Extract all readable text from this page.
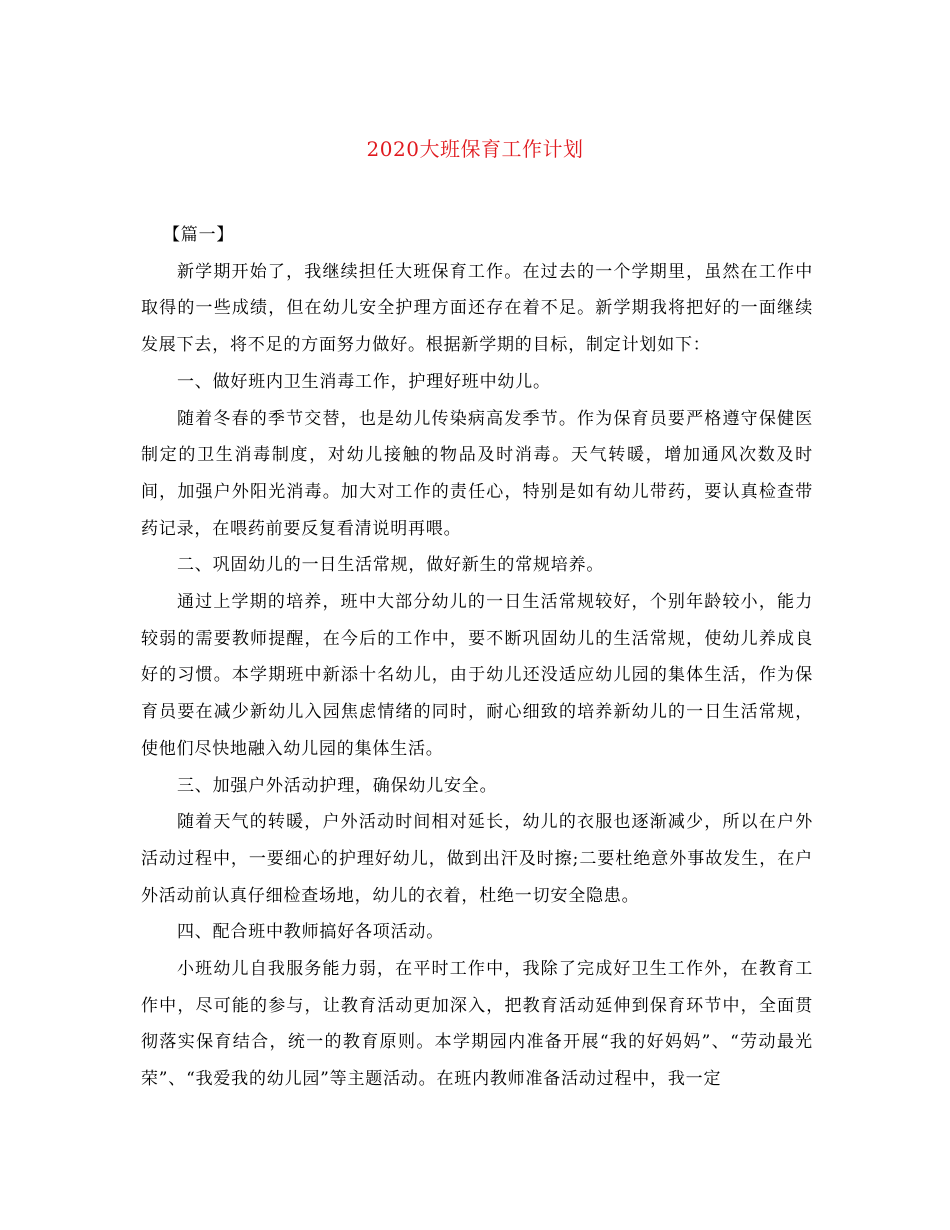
2020大班保育工作计划

【篇一】

新学期开始了，我继续担任大班保育工作。在过去的一个学期里，虽然在工作中取得的一些成绩，但在幼儿安全护理方面还存在着不足。新学期我将把好的一面继续发展下去，将不足的方面努力做好。根据新学期的目标，制定计划如下：

一、做好班内卫生消毒工作，护理好班中幼儿。

随着冬春的季节交替，也是幼儿传染病高发季节。作为保育员要严格遵守保健医制定的卫生消毒制度，对幼儿接触的物品及时消毒。天气转暖，增加通风次数及时间，加强户外阳光消毒。加大对工作的责任心，特别是如有幼儿带药，要认真检查带药记录，在喂药前要反复看清说明再喂。

二、巩固幼儿的一日生活常规，做好新生的常规培养。

通过上学期的培养，班中大部分幼儿的一日生活常规较好，个别年龄较小，能力较弱的需要教师提醒，在今后的工作中，要不断巩固幼儿的生活常规，使幼儿养成良好的习惯。本学期班中新添十名幼儿，由于幼儿还没适应幼儿园的集体生活，作为保育员要在减少新幼儿入园焦虑情绪的同时，耐心细致的培养新幼儿的一日生活常规，使他们尽快地融入幼儿园的集体生活。

三、加强户外活动护理，确保幼儿安全。

随着天气的转暖，户外活动时间相对延长，幼儿的衣服也逐渐减少，所以在户外活动过程中，一要细心的护理好幼儿，做到出汗及时擦;二要杜绝意外事故发生，在户外活动前认真仔细检查场地，幼儿的衣着，杜绝一切安全隐患。

四、配合班中教师搞好各项活动。

小班幼儿自我服务能力弱，在平时工作中，我除了完成好卫生工作外，在教育工作中，尽可能的参与，让教育活动更加深入，把教育活动延伸到保育环节中，全面贯彻落实保育结合，统一的教育原则。本学期园内准备开展“我的好妈妈”、“劳动最光荣”、“我爱我的幼儿园”等主题活动。在班内教师准备活动过程中，我一定
